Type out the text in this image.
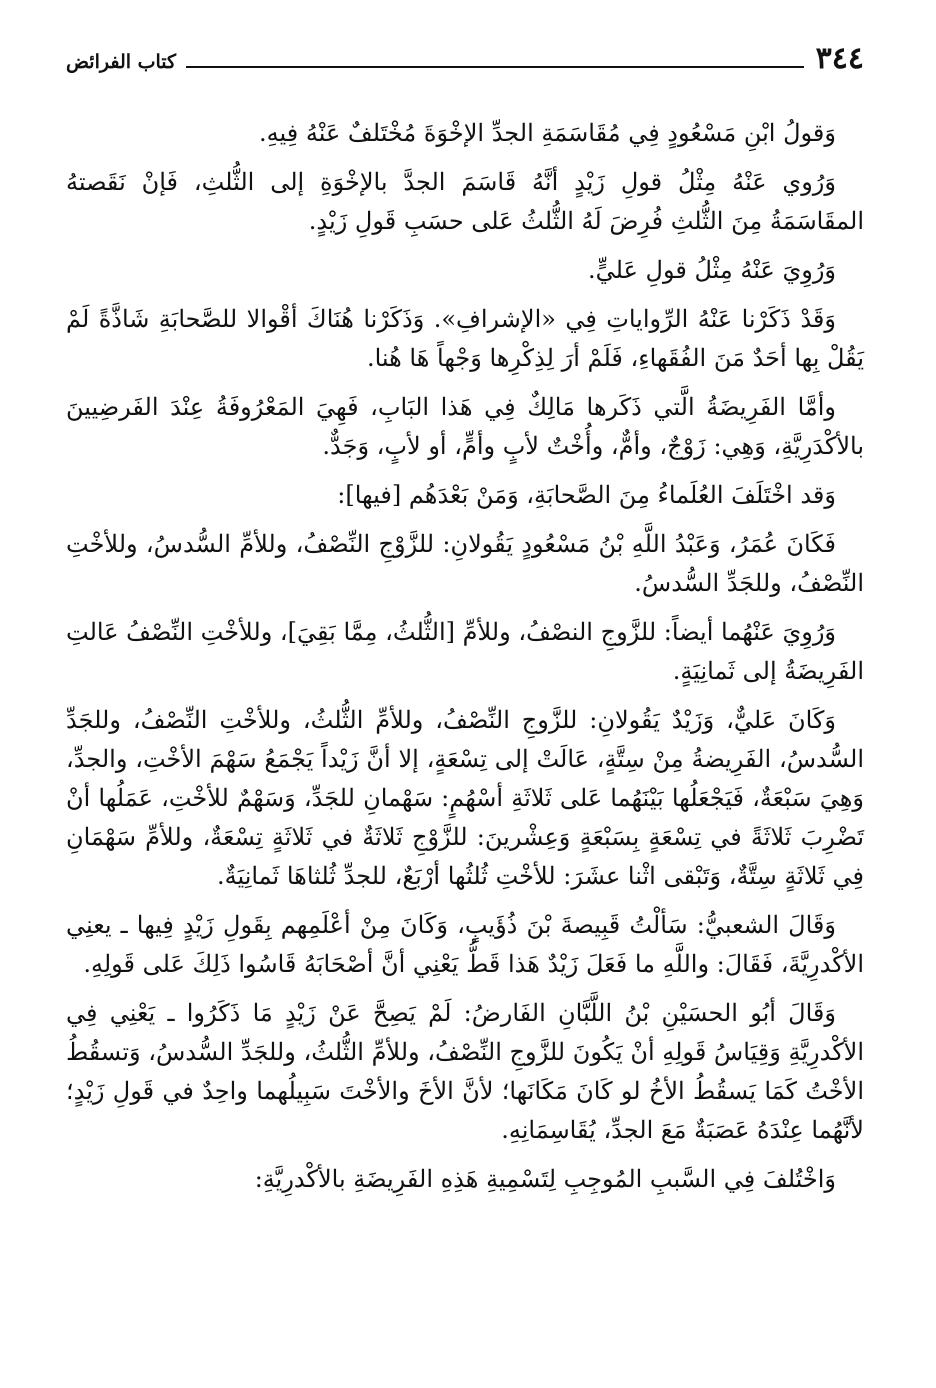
٣٤٤
كتاب الفرائض

وَقولُ ابْنِ مَسْعُودٍ فِي مُقَاسَمَةِ الجدِّ الإخْوَةَ مُخْتَلفٌ عَنْهُ فِيهِ.

وَرُوي عَنْهُ مِثْلُ قولِ زَيْدٍ أنَّهُ قَاسَمَ الجدَّ بالإخْوَةِ إلى الثُّلثِ، فَإنْ نَقَصتهُ المقَاسَمَةُ مِنَ الثُّلثِ فُرِضَ لَهُ الثُّلثُ عَلى حسَبِ قَولِ زَيْدٍ.

وَرُوِيَ عَنْهُ مِثْلُ قولِ عَليٍّ.

وَقَدْ ذَكَرْنا عَنْهُ الرِّواياتِ فِي «الإشرافِ». وَذَكَرْنا هُنَاكَ أقْوالا للصَّحابَةِ شَاذَّةً لَمْ يَقُلْ بِها أحَدٌ مَنَ الفُقَهاءِ، فَلَمْ أرَ لِذِكْرِها وَجْهاً هَا هُنا.

وأمَّا الفَرِيضَةُ الَّتي ذَكَرها مَالِكٌ فِي هَذا البَابِ، فَهِيَ المَعْرُوفَةُ عِنْدَ الفَرضِيينَ بالأكْدَرِيَّةِ، وَهِي: زَوْجٌ، وأمٌّ، وأُخْتٌ لأبٍ وأمٍّ، أو لأبٍ، وَجَدٌّ.

وَقد اخْتَلَفَ العُلَماءُ مِنَ الصَّحابَةِ، وَمَنْ بَعْدَهُم [فيها]:

فَكَانَ عُمَرُ، وَعَبْدُ اللَّهِ بْنُ مَسْعُودٍ يَقُولانِ: للزَّوْجِ النِّصْفُ، وللأمِّ السُّدسُ، وللأخْتِ النِّصْفُ، وللجَدِّ السُّدسُ.

وَرُوِيَ عَنْهُما أيضاً: للزَّوجِ النصْفُ، وللأمِّ [الثُّلثُ، مِمَّا بَقِيَ]، وللأخْتِ النِّصْفُ عَالتِ الفَرِيضَةُ إلى ثَمانِيَةٍ.

وَكَانَ عَليٌّ، وَزَيْدٌ يَقُولانِ: للزَّوجِ النِّصْفُ، وللأمِّ الثُّلثُ، وللأخْتِ النِّصْفُ، وللجَدِّ السُّدسُ، الفَرِيضةُ مِنْ سِتَّةٍ، عَالَتْ إلى تِسْعَةٍ، إلا أنَّ زَيْداً يَجْمَعُ سَهْمَ الأخْتِ، والجدِّ، وَهِيَ سَبْعَةٌ، فَيَجْعَلُها بَيْنَهُما عَلى ثَلاثَةِ أسْهُمٍ: سَهْمانِ للجَدِّ، وَسَهْمٌ للأخْتِ، عَمَلُها أنْ تَضْرِبَ ثَلاثَةً في تِسْعَةٍ بِسَبْعَةٍ وَعِشْرينَ: للزَّوْجِ ثَلاثَةٌ في ثَلاثَةٍ تِسْعَةٌ، وللأمِّ سَهْمَانِ فِي ثَلاثَةٍ سِتَّةٌ، وَتَبْقى اثْنا عشَرَ: للأخْتِ ثُلثُها أرْبَعٌ، للجدِّ ثُلثاهَا ثَمانِيَةٌ.

وَقَالَ الشعبيُّ: سَألْتُ قَبِيصةَ بْنَ ذُؤَيبٍ، وَكَانَ مِنْ أعْلَمِهم بِقَولِ زَيْدٍ فِيها ـ يعنِي الأكْدرِيَّةَ، فَقَالَ: واللَّهِ ما فَعَلَ زَيْدٌ هَذا قَطُّ يَعْنِي أنَّ أصْحَابَهُ قَاسُوا ذَلِكَ عَلى قَولِهِ.

وَقَالَ أبُو الحسَيْنِ بْنُ اللَّبَّانِ الفَارضُ: لَمْ يَصِحَّ عَنْ زَيْدٍ مَا ذَكَرُوا ـ يَعْنِي فِي الأكْدرِيَّةِ وَقِيَاسُ قَولِهِ أنْ يَكُونَ للزَّوجِ النِّصْفُ، وللأمِّ الثُّلثُ، وللجَدِّ السُّدسُ، وَتسقُطُ الأخْتُ كَمَا يَسقُطُ الأخُ لو كَانَ مَكَانَها؛ لأنَّ الأخَ والأخْتَ سَبِيلُهما واحِدٌ في قَولِ زَيْدٍ؛ لأنَّهُما عِنْدَهُ عَصَبَةٌ مَعَ الجدِّ، يُقَاسِمَانِهِ.

وَاخْتُلفَ فِي السَّببِ المُوجِبِ لِتَسْمِيةِ هَذِهِ الفَرِيضَةِ بالأكْدرِيَّةِ:
